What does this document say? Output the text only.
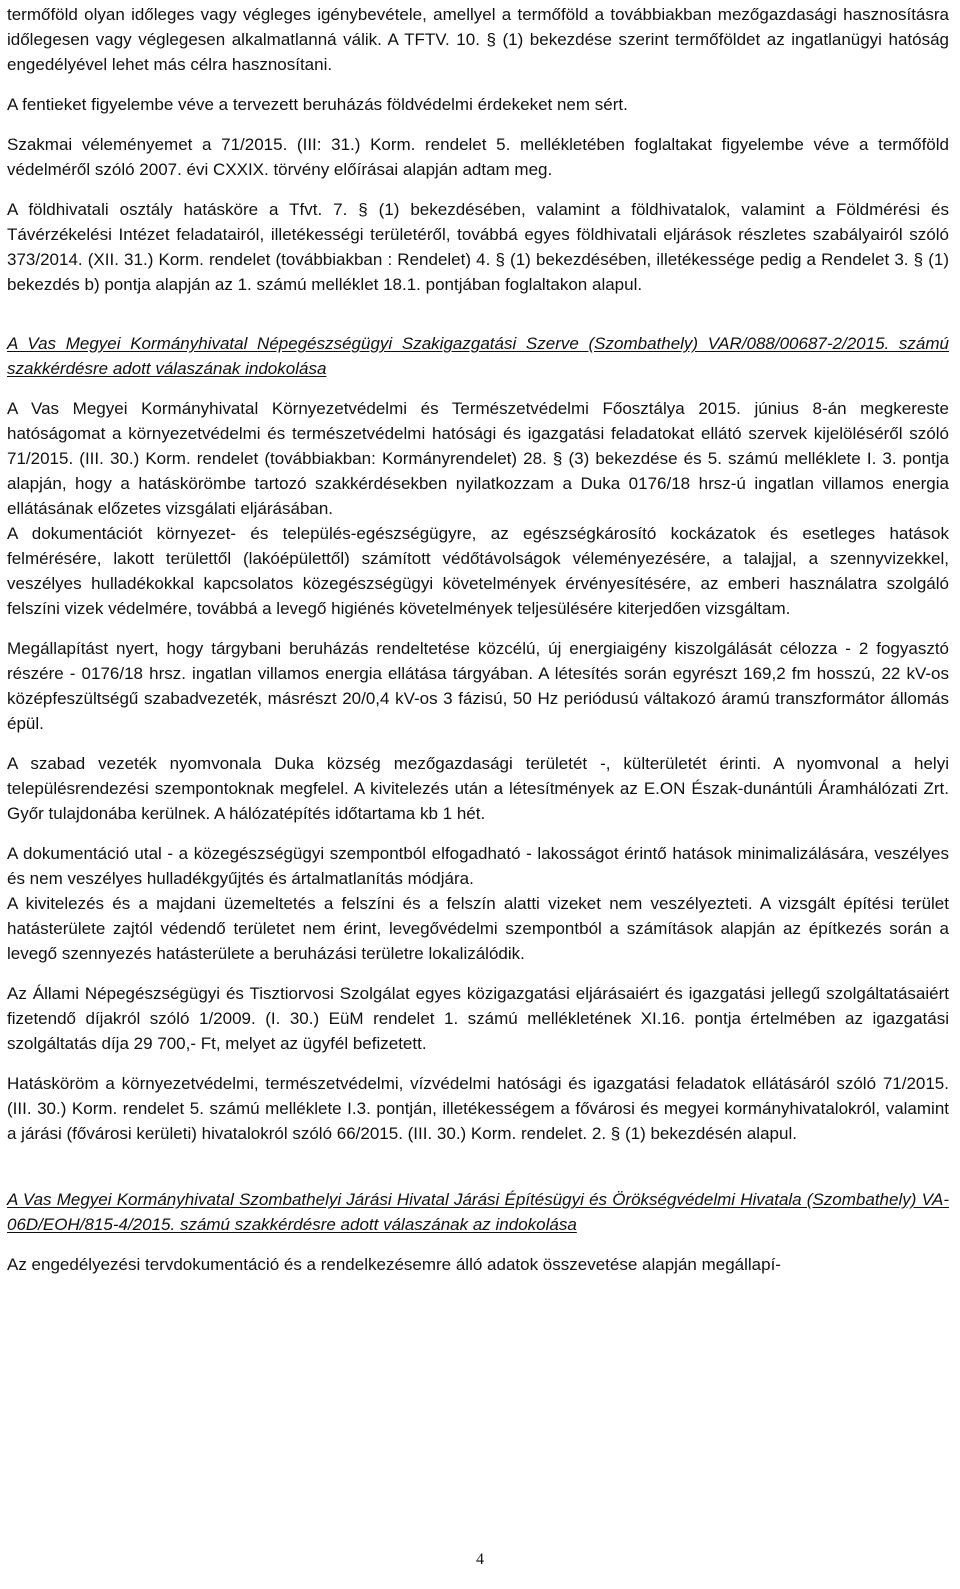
termőföld olyan időleges vagy végleges igénybevétele, amellyel a termőföld a továbbiakban mezőgazdasági hasznosításra időlegesen vagy véglegesen alkalmatlanná válik. A TFTV. 10. § (1) bekezdése szerint termőföldet az ingatlanügyi hatóság engedélyével lehet más célra hasznosítani.

A fentieket figyelembe véve a tervezett beruházás földvédelmi érdekeket nem sért.

Szakmai véleményemet a 71/2015. (III: 31.) Korm. rendelet 5. mellékletében foglaltakat figyelembe véve a termőföld védelméről szóló 2007. évi CXXIX. törvény előírásai alapján adtam meg.

A földhivatali osztály hatásköre a Tfvt. 7. § (1) bekezdésében, valamint a földhivatalok, valamint a Földmérési és Távérzékelési Intézet feladatairól, illetékességi területéről, továbbá egyes földhivatali eljárások részletes szabályairól szóló 373/2014. (XII. 31.) Korm. rendelet (továbbiakban : Rendelet) 4. § (1) bekezdésében, illetékessége pedig a Rendelet 3. § (1) bekezdés b) pontja alapján az 1. számú melléklet 18.1. pontjában foglaltakon alapul.

A Vas Megyei Kormányhivatal Népegészségügyi Szakigazgatási Szerve (Szombathely) VAR/088/00687-2/2015. számú szakkérdésre adott válaszának indokolása

A Vas Megyei Kormányhivatal Környezetvédelmi és Természetvédelmi Főosztálya 2015. június 8-án megkereste hatóságomat a környezetvédelmi és természetvédelmi hatósági és igazgatási feladatokat ellátó szervek kijelöléséről szóló 71/2015. (III. 30.) Korm. rendelet (továbbiakban: Kormányrendelet) 28. § (3) bekezdése és 5. számú melléklete I. 3. pontja alapján, hogy a hatáskörömbe tartozó szakkérdésekben nyilatkozzam a Duka 0176/18 hrsz-ú ingatlan villamos energia ellátásának előzetes vizsgálati eljárásában.

A dokumentációt környezet- és település-egészségügyre, az egészségkárosító kockázatok és esetleges hatások felmérésére, lakott területtől (lakóépülettől) számított védőtávolságok véleményezésére, a talajjal, a szennyvizekkel, veszélyes hulladékokkal kapcsolatos közegészségügyi követelmények érvényesítésére, az emberi használatra szolgáló felszíni vizek védelmére, továbbá a levegő higiénés követelmények teljesülésére kiterjedően vizsgáltam.

Megállapítást nyert, hogy tárgybani beruházás rendeltetése közcélú, új energiaigény kiszolgálását célozza - 2 fogyasztó részére - 0176/18 hrsz. ingatlan villamos energia ellátása tárgyában. A létesítés során egyrészt 169,2 fm hosszú, 22 kV-os középfeszültségű szabadvezeték, másrészt 20/0,4 kV-os 3 fázisú, 50 Hz periódusú váltakozó áramú transzformátor állomás épül.

A szabad vezeték nyomvonala Duka község mezőgazdasági területét -, külterületét érinti. A nyomvonal a helyi településrendezési szempontoknak megfelel. A kivitelezés után a létesítmények az E.ON Észak-dunántúli Áramhálózati Zrt. Győr tulajdonába kerülnek. A hálózatépítés időtartama kb 1 hét.

A dokumentáció utal - a közegészségügyi szempontból elfogadható - lakosságot érintő hatások minimalizálására, veszélyes és nem veszélyes hulladékgyűjtés és ártalmatlanítás módjára.

A kivitelezés és a majdani üzemeltetés a felszíni és a felszín alatti vizeket nem veszélyezteti. A vizsgált építési terület hatásterülete zajtól védendő területet nem érint, levegővédelmi szempontból a számítások alapján az építkezés során a levegő szennyezés hatásterülete a beruházási területre lokalizálódik.

Az Állami Népegészségügyi és Tisztiorvosi Szolgálat egyes közigazgatási eljárásaiért és igazgatási jellegű szolgáltatásaiért fizetendő díjakról szóló 1/2009. (I. 30.) EüM rendelet 1. számú mellékletének XI.16. pontja értelmében az igazgatási szolgáltatás díja 29 700,- Ft, melyet az ügyfél befizetett.

Hatásköröm a környezetvédelmi, természetvédelmi, vízvédelmi hatósági és igazgatási feladatok ellátásáról szóló 71/2015. (III. 30.) Korm. rendelet 5. számú melléklete I.3. pontján, illetékességem a fővárosi és megyei kormányhivatalokról, valamint a járási (fővárosi kerületi) hivatalokról szóló 66/2015. (III. 30.) Korm. rendelet. 2. § (1) bekezdésén alapul.

A Vas Megyei Kormányhivatal Szombathelyi Járási Hivatal Járási Építésügyi és Örökségvédelmi Hivatala (Szombathely) VA-06D/EOH/815-4/2015. számú szakkérdésre adott válaszának az indokolása

Az engedélyezési tervdokumentáció és a rendelkezésemre álló adatok összevetése alapján megállapí-

4
